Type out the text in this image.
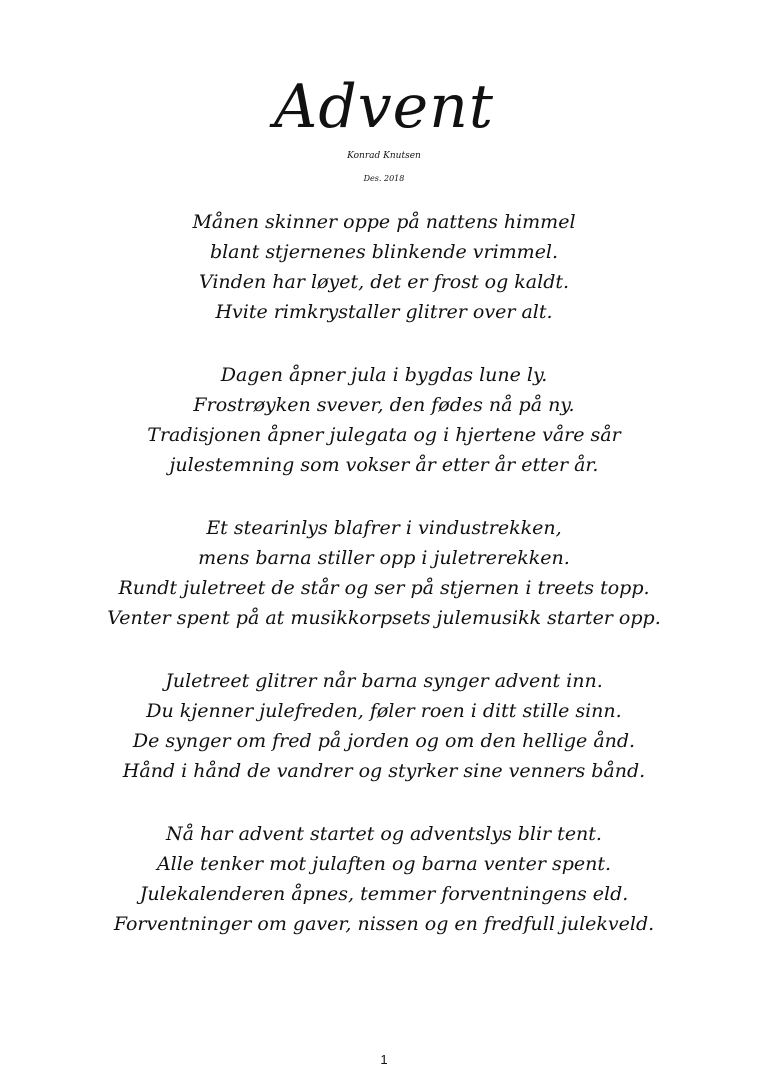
Advent
Konrad Knutsen
Des. 2018
Månen skinner oppe på nattens himmel
blant stjernenes blinkende vrimmel.
Vinden har løyet, det er frost og kaldt.
Hvite rimkrystaller glitrer over alt.
Dagen åpner jula i bygdas lune ly.
Frostrøyken svever, den fødes nå på ny.
Tradisjonen åpner julegata og i hjertene våre sår
julestemning som vokser år etter år etter år.
Et stearinlys blafrer i vindustrekken,
mens barna stiller opp i juletrerekken.
Rundt juletreet de står og ser på stjernen i treets topp.
Venter spent på at musikkorpsets julemusikk starter opp.
Juletreet glitrer når barna synger advent inn.
Du kjenner julefreden, føler roen i ditt stille sinn.
De synger om fred på jorden og om den hellige ånd.
Hånd i hånd de vandrer og styrker sine venners bånd.
Nå har advent startet og adventslys blir tent.
Alle tenker mot julaften og barna venter spent.
Julekalenderen åpnes, temmer forventningens eld.
Forventninger om gaver, nissen og en fredfull julekveld.
1
